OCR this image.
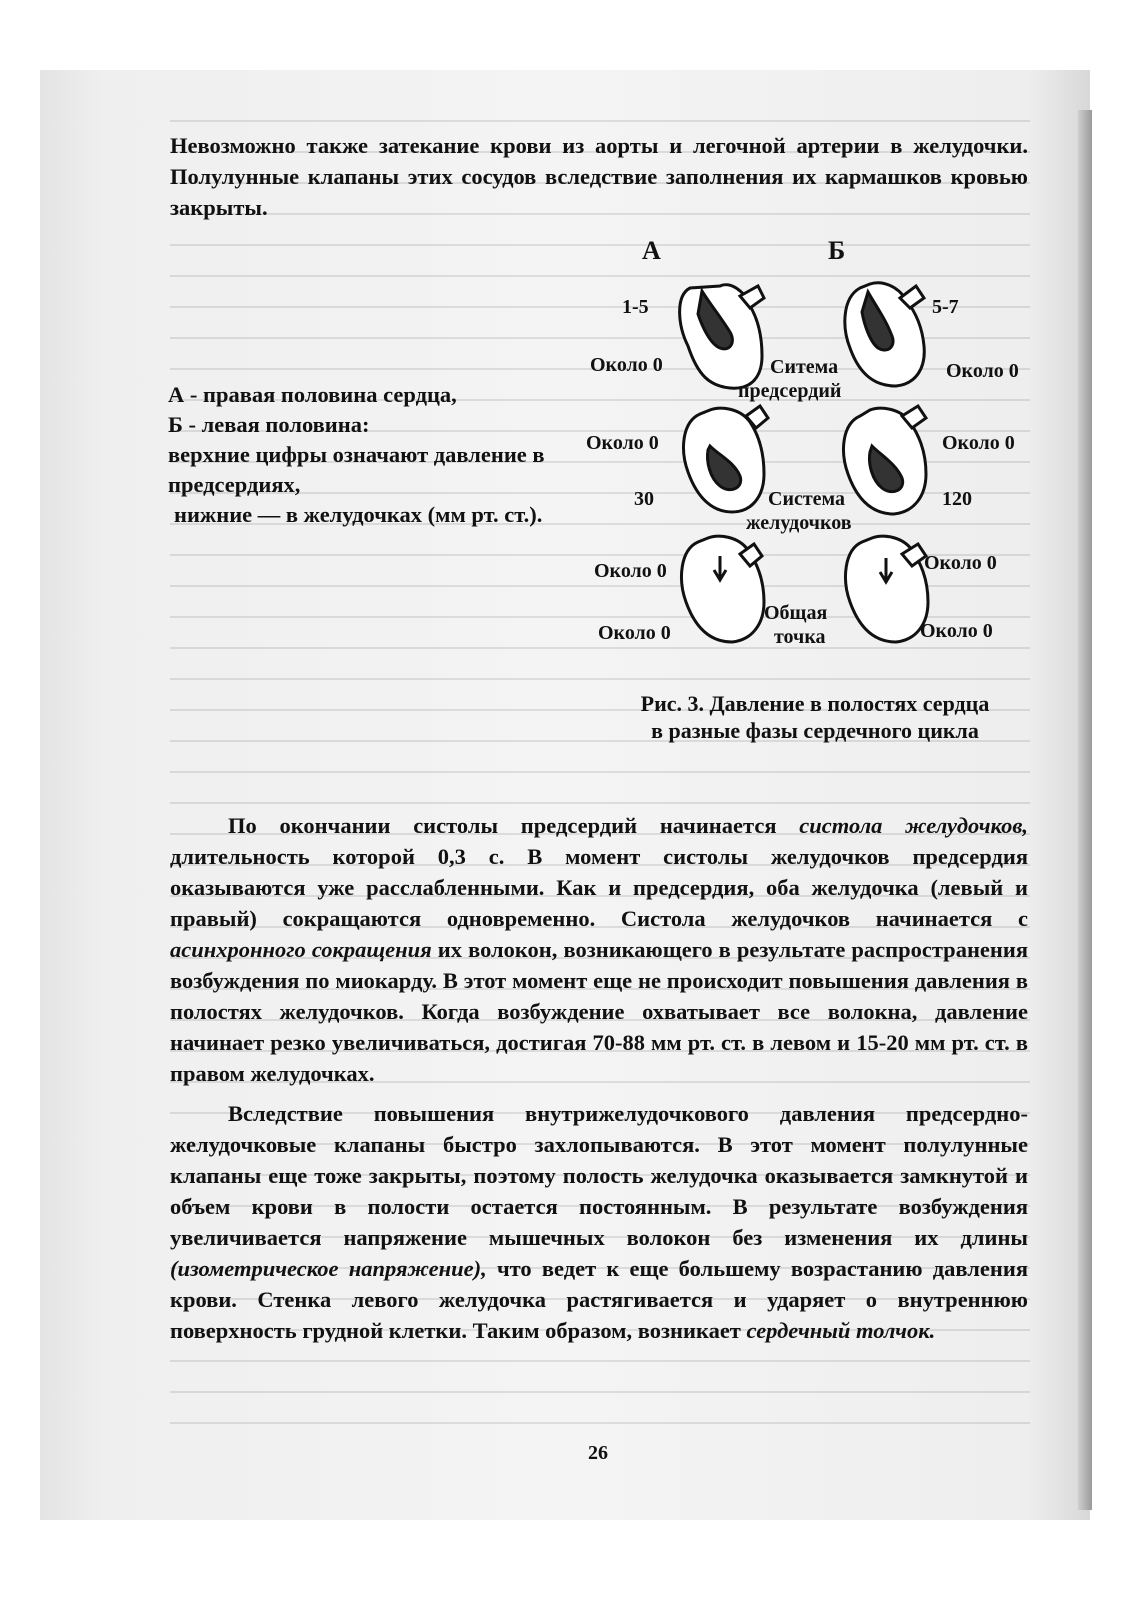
Невозможно также затекание крови из аорты и легочной артерии в желудочки. Полулунные клапаны этих сосудов вследствие заполнения их кармашков кровью закрыты.
А - правая половина сердца,
Б - левая половина:
верхние цифры означают давление в
предсердиях,
нижние — в желудочках (мм рт. ст.).
А	Б
1-5	5-7
Около 0	Около 0
Ситема
предсердий
Около 0	Около 0
30	120
Система
желудочков
Около 0	Около 0
Около 0	Около 0
Общая
точка
Рис. 3. Давление в полостях сердца
в разные фазы сердечного цикла
По окончании систолы предсердий начинается систола желудочков, длительность которой 0,3 с. В момент систолы желудочков предсердия оказываются уже расслабленными. Как и предсердия, оба желудочка (левый и правый) сокращаются одновременно. Систола желудочков начинается с асинхронного сокращения их волокон, возникающего в результате распространения возбуждения по миокарду. В этот момент еще не происходит повышения давления в полостях желудочков. Когда возбуждение охватывает все волокна, давление начинает резко увеличиваться, достигая 70-88 мм рт. ст. в левом и 15-20 мм рт. ст. в правом желудочках.
Вследствие повышения внутрижелудочкового давления предсердно-желудочковые клапаны быстро захлопываются. В этот момент полулунные клапаны еще тоже закрыты, поэтому полость желудочка оказывается замкнутой и объем крови в полости остается постоянным. В результате возбуждения увеличивается напряжение мышечных волокон без изменения их длины (изометрическое напряжение), что ведет к еще большему возрастанию давления крови. Стенка левого желудочка растягивается и ударяет о внутреннюю поверхность грудной клетки. Таким образом, возникает сердечный толчок.
26
